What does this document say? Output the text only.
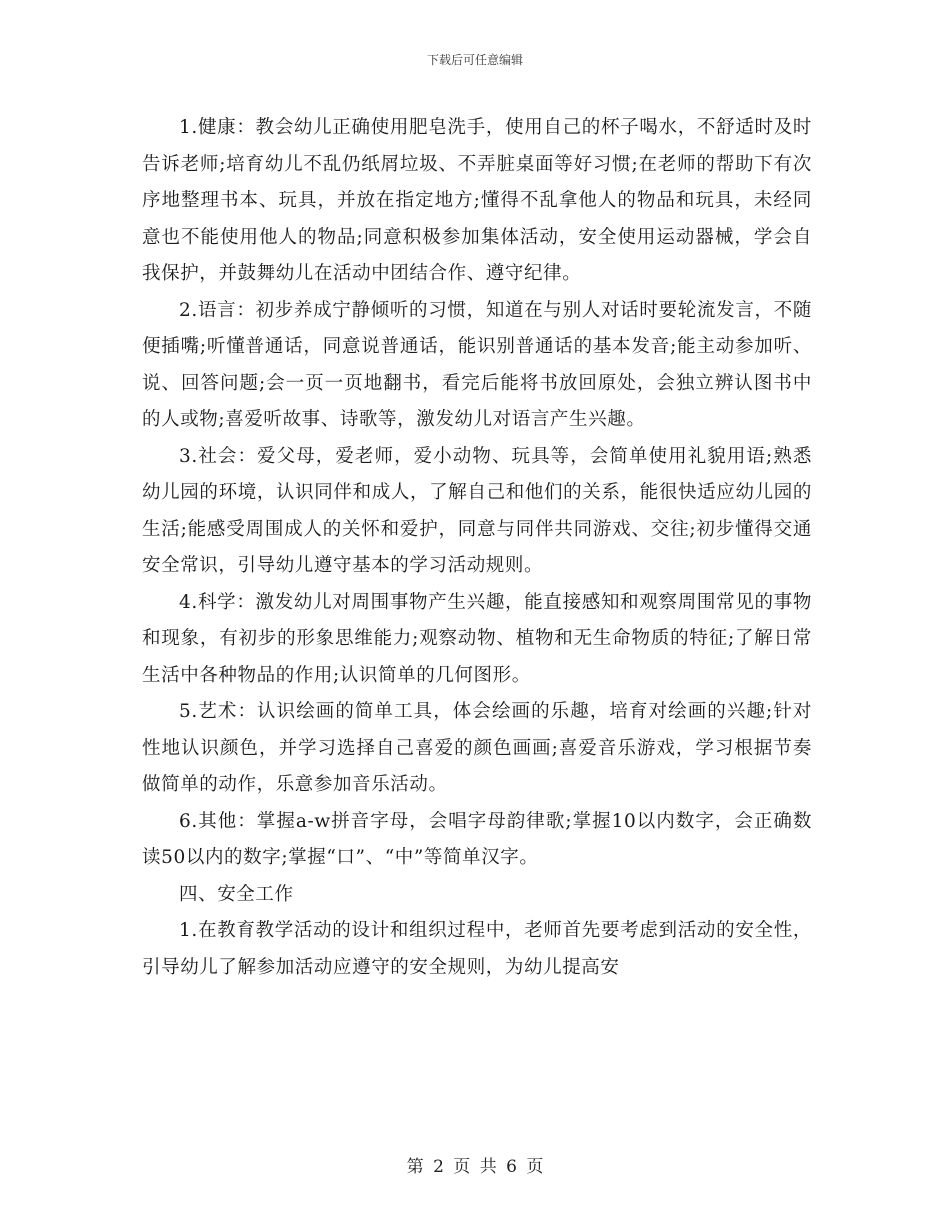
下载后可任意编辑

1.健康：教会幼儿正确使用肥皂洗手，使用自己的杯子喝水，不舒适时及时告诉老师;培育幼儿不乱仍纸屑垃圾、不弄脏桌面等好习惯;在老师的帮助下有次序地整理书本、玩具，并放在指定地方;懂得不乱拿他人的物品和玩具，未经同意也不能使用他人的物品;同意积极参加集体活动，安全使用运动器械，学会自我保护，并鼓舞幼儿在活动中团结合作、遵守纪律。

2.语言：初步养成宁静倾听的习惯，知道在与别人对话时要轮流发言，不随便插嘴;听懂普通话，同意说普通话，能识别普通话的基本发音;能主动参加听、说、回答问题;会一页一页地翻书，看完后能将书放回原处，会独立辨认图书中的人或物;喜爱听故事、诗歌等，激发幼儿对语言产生兴趣。

3.社会：爱父母，爱老师，爱小动物、玩具等，会简单使用礼貌用语;熟悉幼儿园的环境，认识同伴和成人，了解自己和他们的关系，能很快适应幼儿园的生活;能感受周围成人的关怀和爱护，同意与同伴共同游戏、交往;初步懂得交通安全常识，引导幼儿遵守基本的学习活动规则。

4.科学：激发幼儿对周围事物产生兴趣，能直接感知和观察周围常见的事物和现象，有初步的形象思维能力;观察动物、植物和无生命物质的特征;了解日常生活中各种物品的作用;认识简单的几何图形。

5.艺术：认识绘画的简单工具，体会绘画的乐趣，培育对绘画的兴趣;针对性地认识颜色，并学习选择自己喜爱的颜色画画;喜爱音乐游戏，学习根据节奏做简单的动作，乐意参加音乐活动。

6.其他：掌握a-w拼音字母，会唱字母韵律歌;掌握10以内数字，会正确数读50以内的数字;掌握“口”、“中”等简单汉字。

四、安全工作

1.在教育教学活动的设计和组织过程中，老师首先要考虑到活动的安全性，引导幼儿了解参加活动应遵守的安全规则，为幼儿提高安

第 2 页 共 6 页
